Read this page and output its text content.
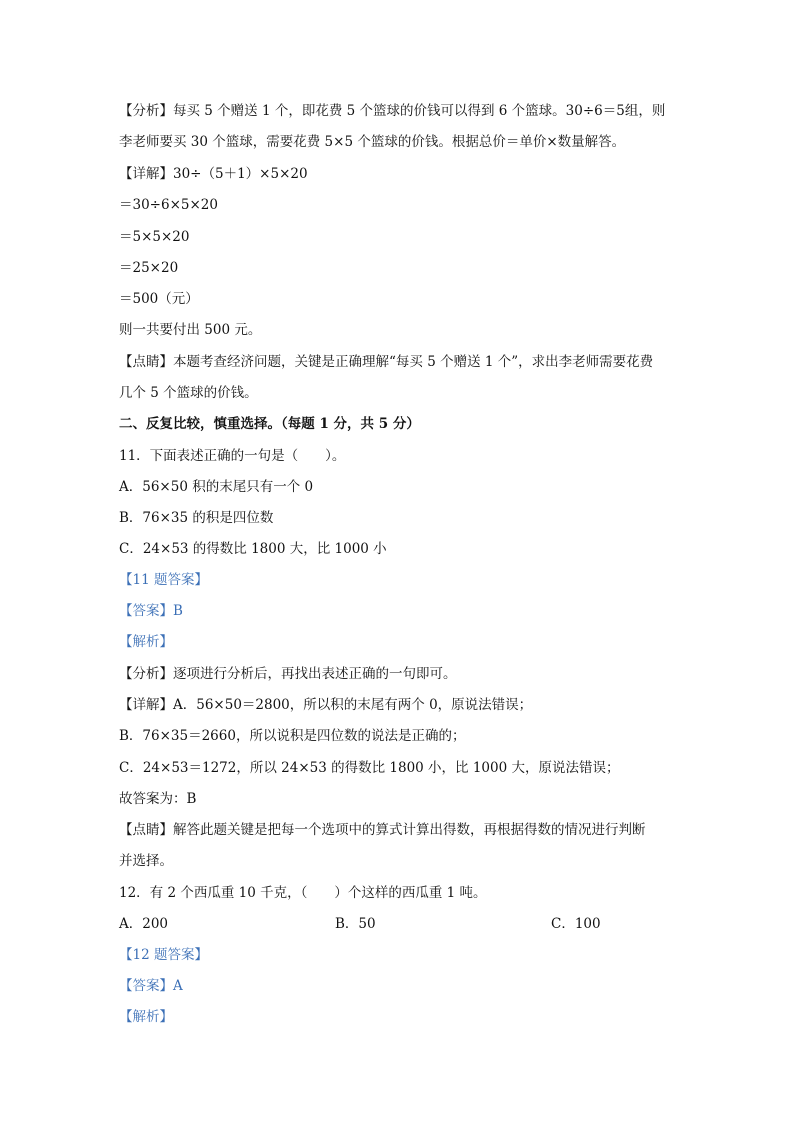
【分析】每买 5 个赠送 1 个，即花费 5 个篮球的价钱可以得到 6 个篮球。30÷6＝5组，则
李老师要买 30 个篮球，需要花费 5×5 个篮球的价钱。根据总价＝单价×数量解答。
【详解】30÷（5＋1）×5×20
＝30÷6×5×20
＝5×5×20
＝25×20
＝500（元）
则一共要付出 500 元。
【点睛】本题考查经济问题，关键是正确理解“每买 5 个赠送 1 个”，求出李老师需要花费
几个 5 个篮球的价钱。
二、反复比较，慎重选择。（每题 1 分，共 5 分）
11．下面表述正确的一句是（　　）。
A．56×50 积的末尾只有一个 0
B．76×35 的积是四位数
C．24×53 的得数比 1800 大，比 1000 小
【11 题答案】
【答案】B
【解析】
【分析】逐项进行分析后，再找出表述正确的一句即可。
【详解】A．56×50＝2800，所以积的末尾有两个 0，原说法错误；
B．76×35＝2660，所以说积是四位数的说法是正确的；
C．24×53＝1272，所以 24×53 的得数比 1800 小，比 1000 大，原说法错误；
故答案为：B
【点睛】解答此题关键是把每一个选项中的算式计算出得数，再根据得数的情况进行判断
并选择。
12．有 2 个西瓜重 10 千克，（　　）个这样的西瓜重 1 吨。
A．200	B．50	C．100
【12 题答案】
【答案】A
【解析】
